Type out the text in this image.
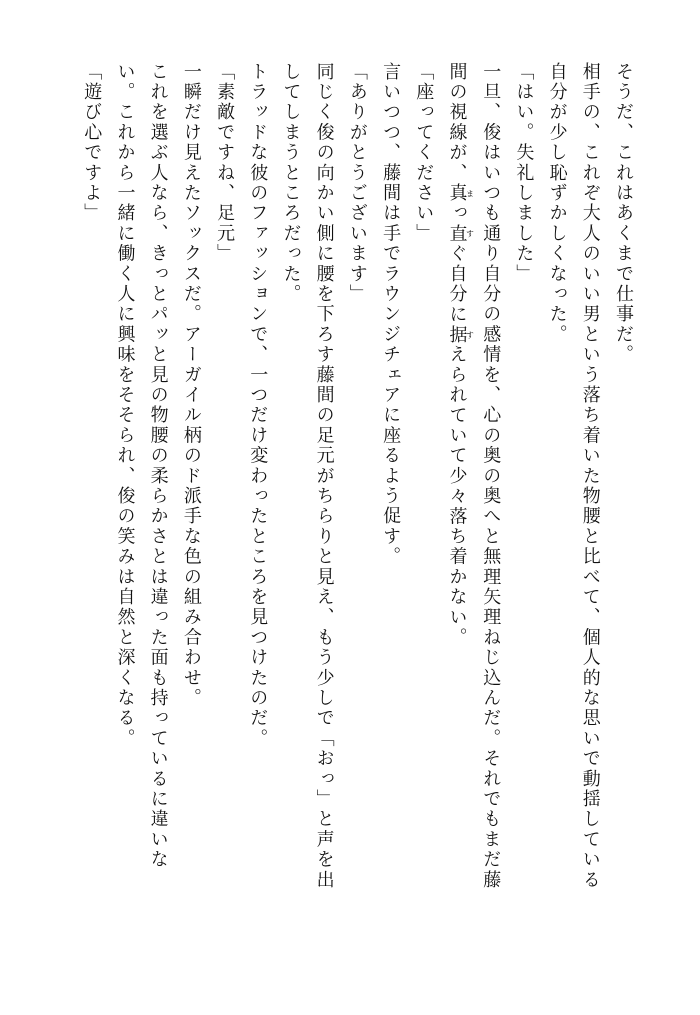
そうだ、これはあくまで仕事だ。
相手の、これぞ大人のいい男という落ち着いた物腰と比べて、個人的な思いで動揺している
自分が少し恥ずかしくなった。
「はい。失礼しました」
一旦、俊はいつも通り自分の感情を、心の奥の奥へと無理矢理ねじ込んだ。それでもまだ藤
間の視線が、真まっ直すぐ自分に据すえられていて少々落ち着かない。
「座ってください」
言いつつ、藤間は手でラウンジチェアに座るよう促す。
「ありがとうございます」
同じく俊の向かい側に腰を下ろす藤間の足元がちらりと見え、もう少しで「おっ」と声を出
してしまうところだった。
トラッドな彼のファッションで、一つだけ変わったところを見つけたのだ。
「素敵ですね、足元」
一瞬だけ見えたソックスだ。アーガイル柄のド派手な色の組み合わせ。
これを選ぶ人なら、きっとパッと見の物腰の柔らかさとは違った面も持っているに違いな
い。これから一緒に働く人に興味をそそられ、俊の笑みは自然と深くなる。
「遊び心ですよ」
